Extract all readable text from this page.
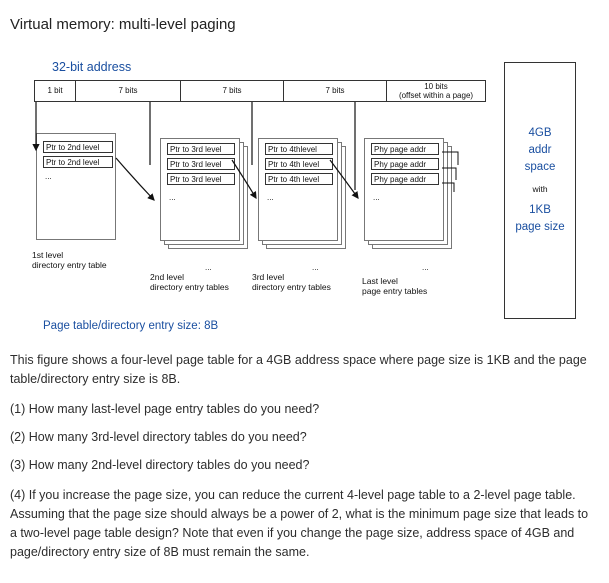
Virtual memory: multi-level paging
32-bit address
1 bit	7 bits	7 bits	7 bits	10 bits
(offset within a page)
4GB
addr
space
with
1KB
page size
Ptr to 2nd level
Ptr to 2nd level
...
1st level
directory entry table
Ptr to 3rd level
Ptr to 3rd level
Ptr to 3rd level
...
2nd level
directory entry tables
Ptr to 4thlevel
Ptr to 4th level
Ptr to 4th level
...
3rd level
directory entry tables
Phy page addr
Phy page addr
Phy page addr
...
Last level
page entry tables
...	...	...
Page table/directory entry size: 8B
This figure shows a four-level page table for a 4GB address space where page size is 1KB and the page table/directory entry size is 8B.
(1) How many last-level page entry tables do you need?
(2) How many 3rd-level directory tables do you need?
(3) How many 2nd-level directory tables do you need?
(4) If you increase the page size, you can reduce the current 4-level page table to a 2-level page table. Assuming that the page size should always be a power of 2, what is the minimum page size that leads to a two-level page table design? Note that even if you change the page size, address space of 4GB and page/directory entry size of 8B must remain the same.
